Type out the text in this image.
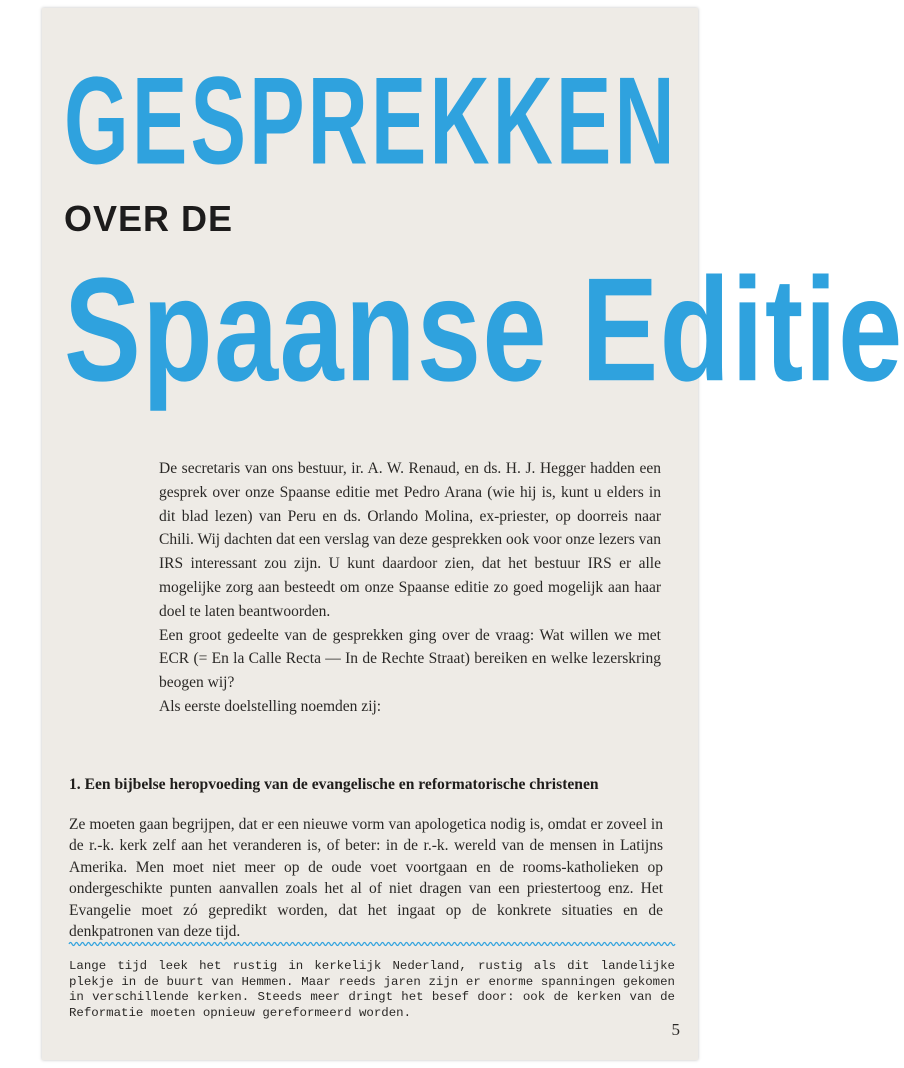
GESPREKKEN
OVER DE
Spaanse Editie

De secretaris van ons bestuur, ir. A. W. Renaud, en ds. H. J. Hegger hadden een gesprek over onze Spaanse editie met Pedro Arana (wie hij is, kunt u elders in dit blad lezen) van Peru en ds. Orlando Molina, ex-priester, op doorreis naar Chili. Wij dachten dat een verslag van deze gesprekken ook voor onze lezers van IRS interessant zou zijn. U kunt daardoor zien, dat het bestuur IRS er alle mogelijke zorg aan besteedt om onze Spaanse editie zo goed mogelijk aan haar doel te laten beantwoorden.

Een groot gedeelte van de gesprekken ging over de vraag: Wat willen we met ECR (= En la Calle Recta — In de Rechte Straat) bereiken en welke lezerskring beogen wij?

Als eerste doelstelling noemden zij:

1. Een bijbelse heropvoeding van de evangelische en reformatorische christenen
Ze moeten gaan begrijpen, dat er een nieuwe vorm van apologetica nodig is, omdat er zoveel in de r.-k. kerk zelf aan het veranderen is, of beter: in de r.-k. wereld van de mensen in Latijns Amerika. Men moet niet meer op de oude voet voortgaan en de rooms-katholieken op ondergeschikte punten aanvallen zoals het al of niet dragen van een priestertoog enz. Het Evangelie moet zó gepredikt worden, dat het ingaat op de konkrete situaties en de denkpatronen van deze tijd.
Lange tijd leek het rustig in kerkelijk Nederland, rustig als dit landelijke plekje in de buurt van Hemmen. Maar reeds jaren zijn er enorme spanningen gekomen in verschillende kerken. Steeds meer dringt het besef door: ook de kerken van de Reformatie moeten opnieuw gereformeerd worden.
5
